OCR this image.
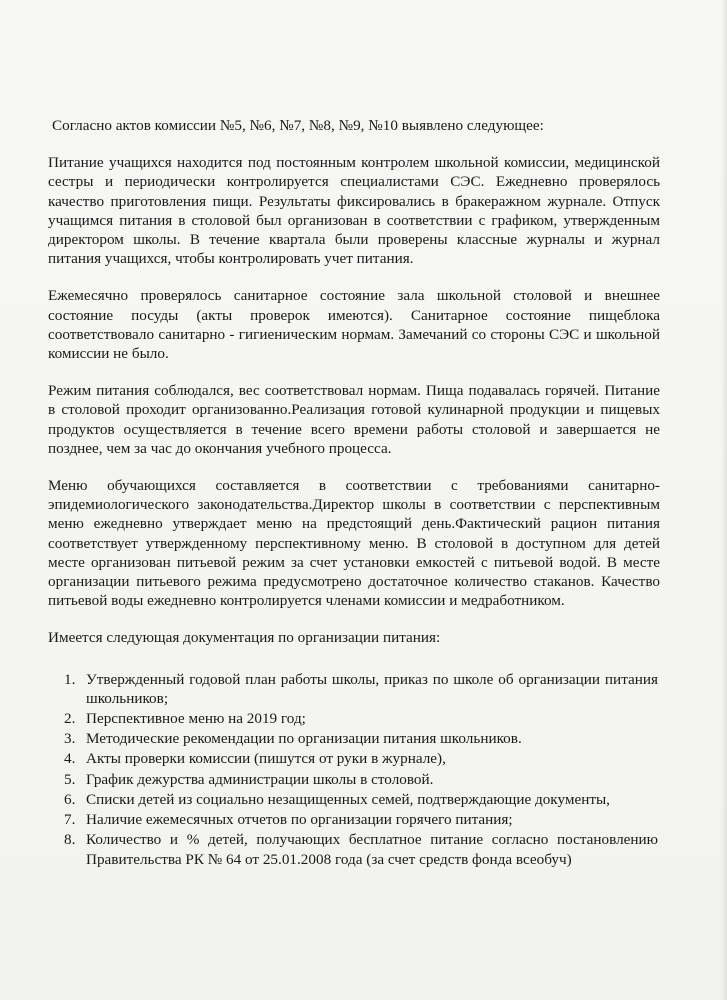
Согласно актов комиссии №5, №6, №7, №8, №9, №10 выявлено следующее:

Питание учащихся находится под постоянным контролем школьной комиссии, медицинской сестры и периодически контролируется специалистами СЭС. Ежедневно проверялось качество приготовления пищи. Результаты фиксировались в бракеражном журнале. Отпуск учащимся питания в столовой был организован в соответствии с графиком, утвержденным директором школы. В течение квартала были проверены классные журналы и журнал питания учащихся, чтобы контролировать учет питания.

Ежемесячно проверялось санитарное состояние зала школьной столовой и внешнее состояние посуды (акты проверок имеются). Санитарное состояние пищеблока соответствовало санитарно - гигиеническим нормам. Замечаний со стороны СЭС и школьной комиссии не было.

Режим питания соблюдался, вес соответствовал нормам. Пища подавалась горячей. Питание в столовой проходит организованно.Реализация готовой кулинарной продукции и пищевых продуктов осуществляется в течение всего времени работы столовой и завершается не позднее, чем за час до окончания учебного процесса.

Меню обучающихся составляется в соответствии с требованиями санитарно-эпидемиологического законодательства.Директор школы в соответствии с перспективным меню ежедневно утверждает меню на предстоящий день.Фактический рацион питания соответствует утвержденному перспективному меню. В столовой в доступном для детей месте организован питьевой режим за счет установки емкостей с питьевой водой. В месте организации питьевого режима предусмотрено достаточное количество стаканов. Качество питьевой воды ежедневно контролируется членами комиссии и медработником.

Имеется следующая документация по организации питания:

1. Утвержденный годовой план работы школы, приказ по школе об организации питания школьников;
2. Перспективное меню на 2019 год;
3. Методические рекомендации по организации питания школьников.
4. Акты проверки комиссии (пишутся от руки в журнале),
5. График дежурства администрации школы в столовой.
6. Списки детей из социально незащищенных семей, подтверждающие документы,
7. Наличие ежемесячных отчетов по организации горячего питания;
8. Количество и % детей, получающих бесплатное питание согласно постановлению Правительства РК № 64 от 25.01.2008 года (за счет средств фонда всеобуч)
